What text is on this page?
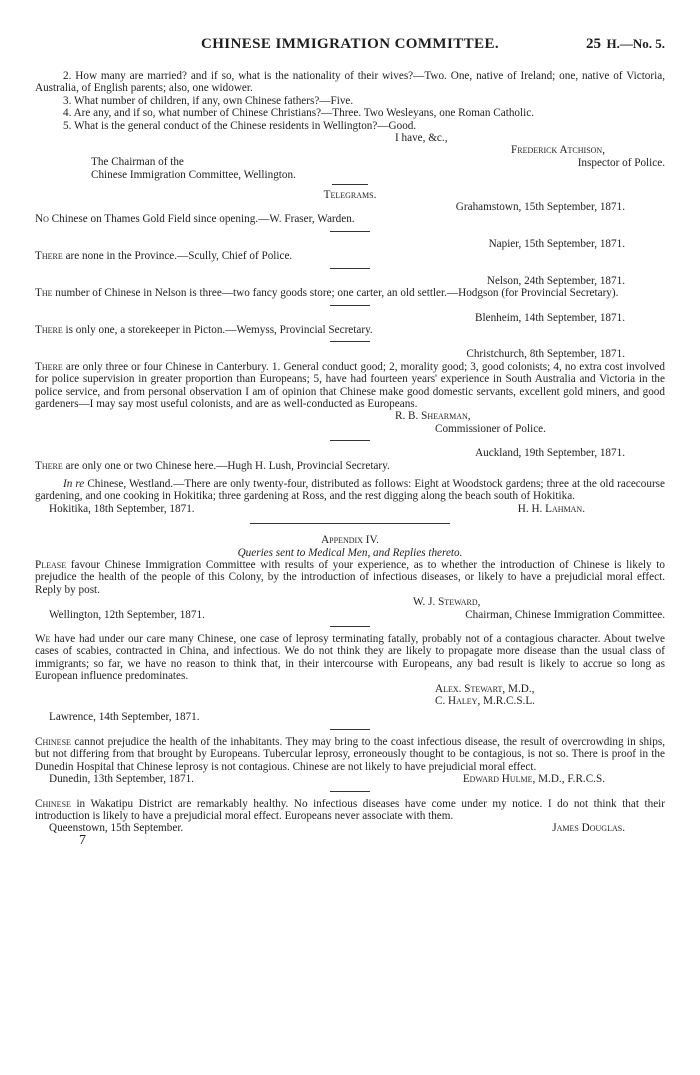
CHINESE IMMIGRATION COMMITTEE.	25 H.—No. 5.

2. How many are married? and if so, what is the nationality of their wives?—Two. One, native of Ireland; one, native of Victoria, Australia, of English parents; also, one widower.

3. What number of children, if any, own Chinese fathers?—Five.

4. Are any, and if so, what number of Chinese Christians?—Three. Two Wesleyans, one Roman Catholic.

5. What is the general conduct of the Chinese residents in Wellington?—Good.

I have, &c.,

The Chairman of the
Frederick Atchison,
Inspector of Police.

Chinese Immigration Committee, Wellington.

Telegrams.

Grahamstown, 15th September, 1871.

No Chinese on Thames Gold Field since opening.—W. Fraser, Warden.

Napier, 15th September, 1871.

There are none in the Province.—Scully, Chief of Police.

Nelson, 24th September, 1871.

The number of Chinese in Nelson is three—two fancy goods store; one carter, an old settler.—Hodgson (for Provincial Secretary).

Blenheim, 14th September, 1871.

There is only one, a storekeeper in Picton.—Wemyss, Provincial Secretary.

Christchurch, 8th September, 1871.

There are only three or four Chinese in Canterbury. 1. General conduct good; 2, morality good; 3, good colonists; 4, no extra cost involved for police supervision in greater proportion than Europeans; 5, have had fourteen years' experience in South Australia and Victoria in the police service, and from personal observation I am of opinion that Chinese make good domestic servants, excellent gold miners, and good gardeners—I may say most useful colonists, and are as well-conducted as Europeans.

R. B. Shearman,

Commissioner of Police.

Auckland, 19th September, 1871.

There are only one or two Chinese here.—Hugh H. Lush, Provincial Secretary.

In re Chinese, Westland.—There are only twenty-four, distributed as follows: Eight at Woodstock gardens; three at the old racecourse gardening, and one cooking in Hokitika; three gardening at Ross, and the rest digging along the beach south of Hokitika.

Hokitika, 18th September, 1871.	H. H. Lahman.

Appendix IV.

Queries sent to Medical Men, and Replies thereto.

Please favour Chinese Immigration Committee with results of your experience, as to whether the introduction of Chinese is likely to prejudice the health of the people of this Colony, by the introduction of infectious diseases, or likely to have a prejudicial moral effect. Reply by post.

W. J. Steward,

Wellington, 12th September, 1871.	Chairman, Chinese Immigration Committee.

We have had under our care many Chinese, one case of leprosy terminating fatally, probably not of a contagious character. About twelve cases of scabies, contracted in China, and infectious. We do not think they are likely to propagate more disease than the usual class of immigrants; so far, we have no reason to think that, in their intercourse with Europeans, any bad result is likely to accrue so long as European influence predominates.

Alex. Stewart, M.D.,

C. Haley, M.R.C.S.L.

Lawrence, 14th September, 1871.

Chinese cannot prejudice the health of the inhabitants. They may bring to the coast infectious disease, the result of overcrowding in ships, but not differing from that brought by Europeans. Tubercular leprosy, erroneously thought to be contagious, is not so. There is proof in the Dunedin Hospital that Chinese leprosy is not contagious. Chinese are not likely to have prejudicial moral effect.

Dunedin, 13th September, 1871.	Edward Hulme, M.D., F.R.C.S.

Chinese in Wakatipu District are remarkably healthy. No infectious diseases have come under my notice. I do not think that their introduction is likely to have a prejudicial moral effect. Europeans never associate with them.

Queenstown, 15th September.	James Douglas.

7
